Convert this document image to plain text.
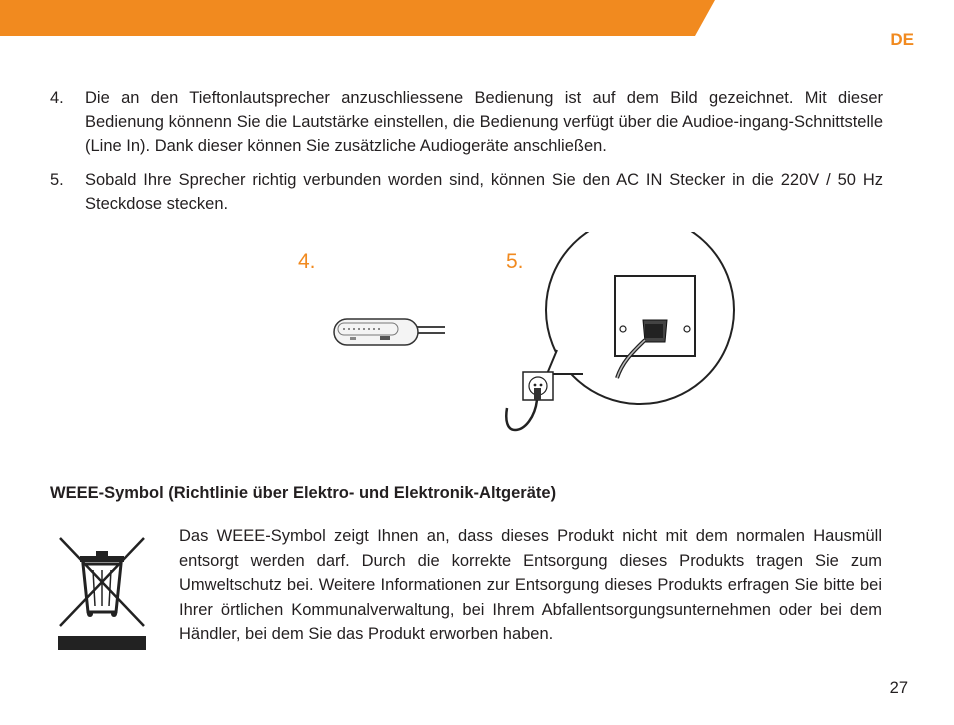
DE
4. Die an den Tieftonlautsprecher anzuschliessene Bedienung ist auf dem Bild gezeichnet. Mit dieser Bedienung könnenn Sie die Lautstärke einstellen, die Bedienung verfügt über die Audioe-ingang-Schnittstelle (Line In). Dank dieser können Sie zusätzliche Audiogeräte anschließen.
5. Sobald Ihre Sprecher richtig verbunden worden sind, können Sie den AC IN Stecker in die 220V / 50 Hz Steckdose stecken.
4.	5.
WEEE-Symbol (Richtlinie über Elektro- und Elektronik-Altgeräte)
Das WEEE-Symbol zeigt Ihnen an, dass dieses Produkt nicht mit dem normalen Hausmüll entsorgt werden darf. Durch die korrekte Entsorgung dieses Produkts tragen Sie zum Umweltschutz bei. Weitere Informationen zur Entsorgung dieses Produkts erfragen Sie bitte bei Ihrer örtlichen Kommunalverwaltung, bei Ihrem Abfallentsorgungsunternehmen oder bei dem Händler, bei dem Sie das Produkt erworben haben.
27
